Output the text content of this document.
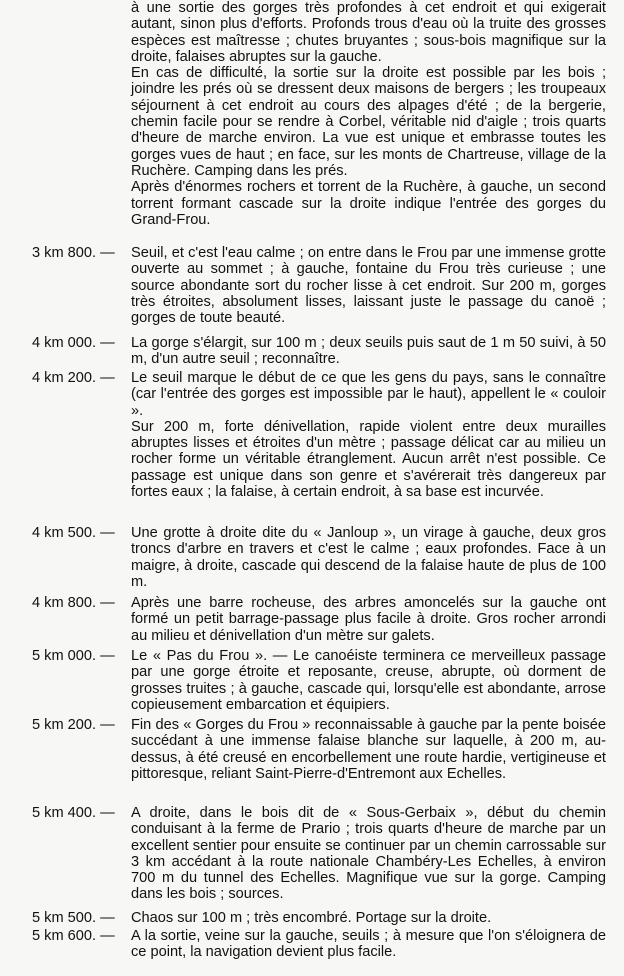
à une sortie des gorges très profondes à cet endroit et qui exigerait autant, sinon plus d'efforts. Profonds trous d'eau où la truite des grosses espèces est maîtresse ; chutes bruyantes ; sous-bois magnifique sur la droite, falaises abruptes sur la gauche.

En cas de difficulté, la sortie sur la droite est possible par les bois ; joindre les prés où se dressent deux maisons de bergers ; les troupeaux séjournent à cet endroit au cours des alpages d'été ; de la bergerie, chemin facile pour se rendre à Corbel, véritable nid d'aigle ; trois quarts d'heure de marche environ. La vue est unique et embrasse toutes les gorges vues de haut ; en face, sur les monts de Chartreuse, village de la Ruchère. Camping dans les prés.

Après d'énormes rochers et torrent de la Ruchère, à gauche, un second torrent formant cascade sur la droite indique l'entrée des gorges du Grand-Frou.

3 km 800. —	Seuil, et c'est l'eau calme ; on entre dans le Frou par une immense grotte ouverte au sommet ; à gauche, fontaine du Frou très curieuse ; une source abondante sort du rocher lisse à cet endroit. Sur 200 m, gorges très étroites, absolument lisses, laissant juste le passage du canoë ; gorges de toute beauté.

4 km 000. —	La gorge s'élargit, sur 100 m ; deux seuils puis saut de 1 m 50 suivi, à 50 m, d'un autre seuil ; reconnaître.

4 km 200. —	Le seuil marque le début de ce que les gens du pays, sans le connaître (car l'entrée des gorges est impossible par le haut), appellent le « couloir ».

Sur 200 m, forte dénivellation, rapide violent entre deux murailles abruptes lisses et étroites d'un mètre ; passage délicat car au milieu un rocher forme un véritable étranglement. Aucun arrêt n'est possible. Ce passage est unique dans son genre et s'avérerait très dangereux par fortes eaux ; la falaise, à certain endroit, à sa base est incurvée.

4 km 500. —	Une grotte à droite dite du « Janloup », un virage à gauche, deux gros troncs d'arbre en travers et c'est le calme ; eaux profondes. Face à un maigre, à droite, cascade qui descend de la falaise haute de plus de 100 m.

4 km 800. —	Après une barre rocheuse, des arbres amoncelés sur la gauche ont formé un petit barrage-passage plus facile à droite. Gros rocher arrondi au milieu et dénivellation d'un mètre sur galets.

5 km 000. —	Le « Pas du Frou ». — Le canoéiste terminera ce merveilleux passage par une gorge étroite et reposante, creuse, abrupte, où dorment de grosses truites ; à gauche, cascade qui, lorsqu'elle est abondante, arrose copieusement embarcation et équipiers.

5 km 200. —	Fin des « Gorges du Frou » reconnaissable à gauche par la pente boisée succédant à une immense falaise blanche sur laquelle, à 200 m, au-dessus, à été creusé en encorbellement une route hardie, vertigineuse et pittoresque, reliant Saint-Pierre-d'Entremont aux Echelles.

5 km 400. —	A droite, dans le bois dit de « Sous-Gerbaix », début du chemin conduisant à la ferme de Prario ; trois quarts d'heure de marche par un excellent sentier pour ensuite se continuer par un chemin carrossable sur 3 km accédant à la route nationale Chambéry-Les Echelles, à environ 700 m du tunnel des Echelles. Magnifique vue sur la gorge. Camping dans les bois ; sources.

5 km 500. —	Chaos sur 100 m ; très encombré. Portage sur la droite.

5 km 600. —	A la sortie, veine sur la gauche, seuils ; à mesure que l'on s'éloignera de ce point, la navigation devient plus facile.
